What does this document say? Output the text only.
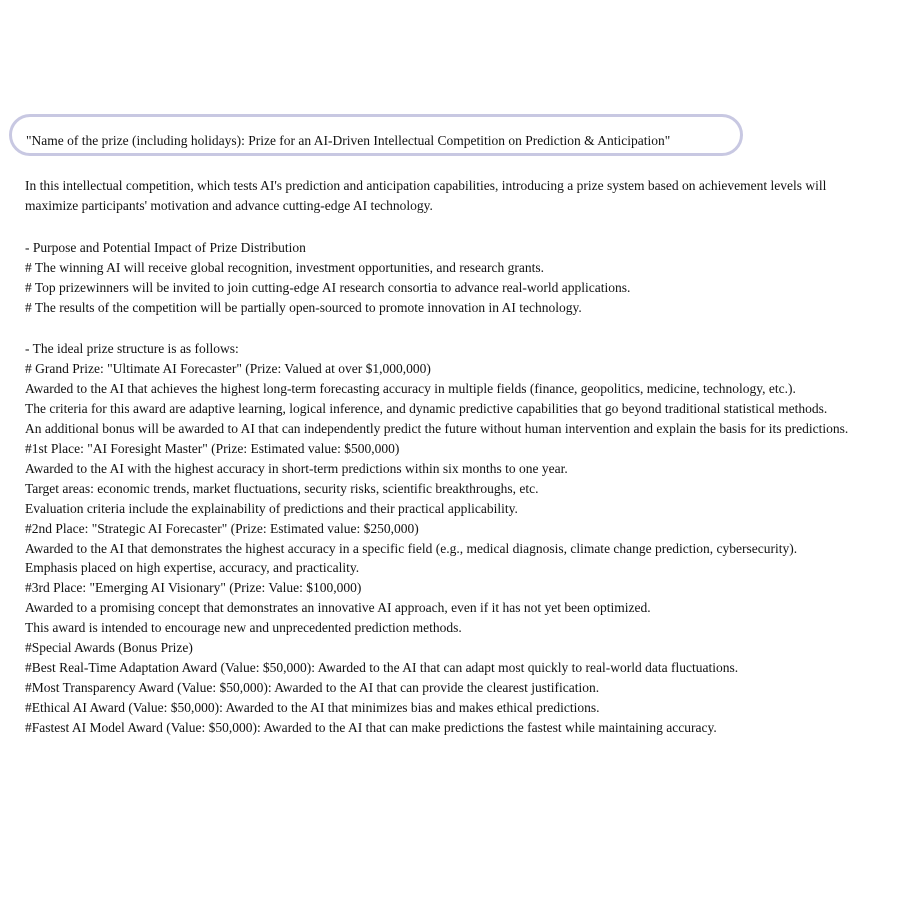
"Name of the prize (including holidays): Prize for an AI-Driven Intellectual Competition on Prediction & Anticipation"
In this intellectual competition, which tests AI's prediction and anticipation capabilities, introducing a prize system based on achievement levels will maximize participants' motivation and advance cutting-edge AI technology.
- Purpose and Potential Impact of Prize Distribution
# The winning AI will receive global recognition, investment opportunities, and research grants.
# Top prizewinners will be invited to join cutting-edge AI research consortia to advance real-world applications.
# The results of the competition will be partially open-sourced to promote innovation in AI technology.
- The ideal prize structure is as follows:
# Grand Prize: "Ultimate AI Forecaster" (Prize: Valued at over $1,000,000)
Awarded to the AI that achieves the highest long-term forecasting accuracy in multiple fields (finance, geopolitics, medicine, technology, etc.).
The criteria for this award are adaptive learning, logical inference, and dynamic predictive capabilities that go beyond traditional statistical methods.
An additional bonus will be awarded to AI that can independently predict the future without human intervention and explain the basis for its predictions.
#1st Place: "AI Foresight Master" (Prize: Estimated value: $500,000)
Awarded to the AI with the highest accuracy in short-term predictions within six months to one year.
Target areas: economic trends, market fluctuations, security risks, scientific breakthroughs, etc.
Evaluation criteria include the explainability of predictions and their practical applicability.
#2nd Place: "Strategic AI Forecaster" (Prize: Estimated value: $250,000)
Awarded to the AI that demonstrates the highest accuracy in a specific field (e.g., medical diagnosis, climate change prediction, cybersecurity).
Emphasis placed on high expertise, accuracy, and practicality.
#3rd Place: "Emerging AI Visionary" (Prize: Value: $100,000)
Awarded to a promising concept that demonstrates an innovative AI approach, even if it has not yet been optimized.
This award is intended to encourage new and unprecedented prediction methods.
#Special Awards (Bonus Prize)
#Best Real-Time Adaptation Award (Value: $50,000): Awarded to the AI that can adapt most quickly to real-world data fluctuations.
#Most Transparency Award (Value: $50,000): Awarded to the AI that can provide the clearest justification.
#Ethical AI Award (Value: $50,000): Awarded to the AI that minimizes bias and makes ethical predictions.
#Fastest AI Model Award (Value: $50,000): Awarded to the AI that can make predictions the fastest while maintaining accuracy.
